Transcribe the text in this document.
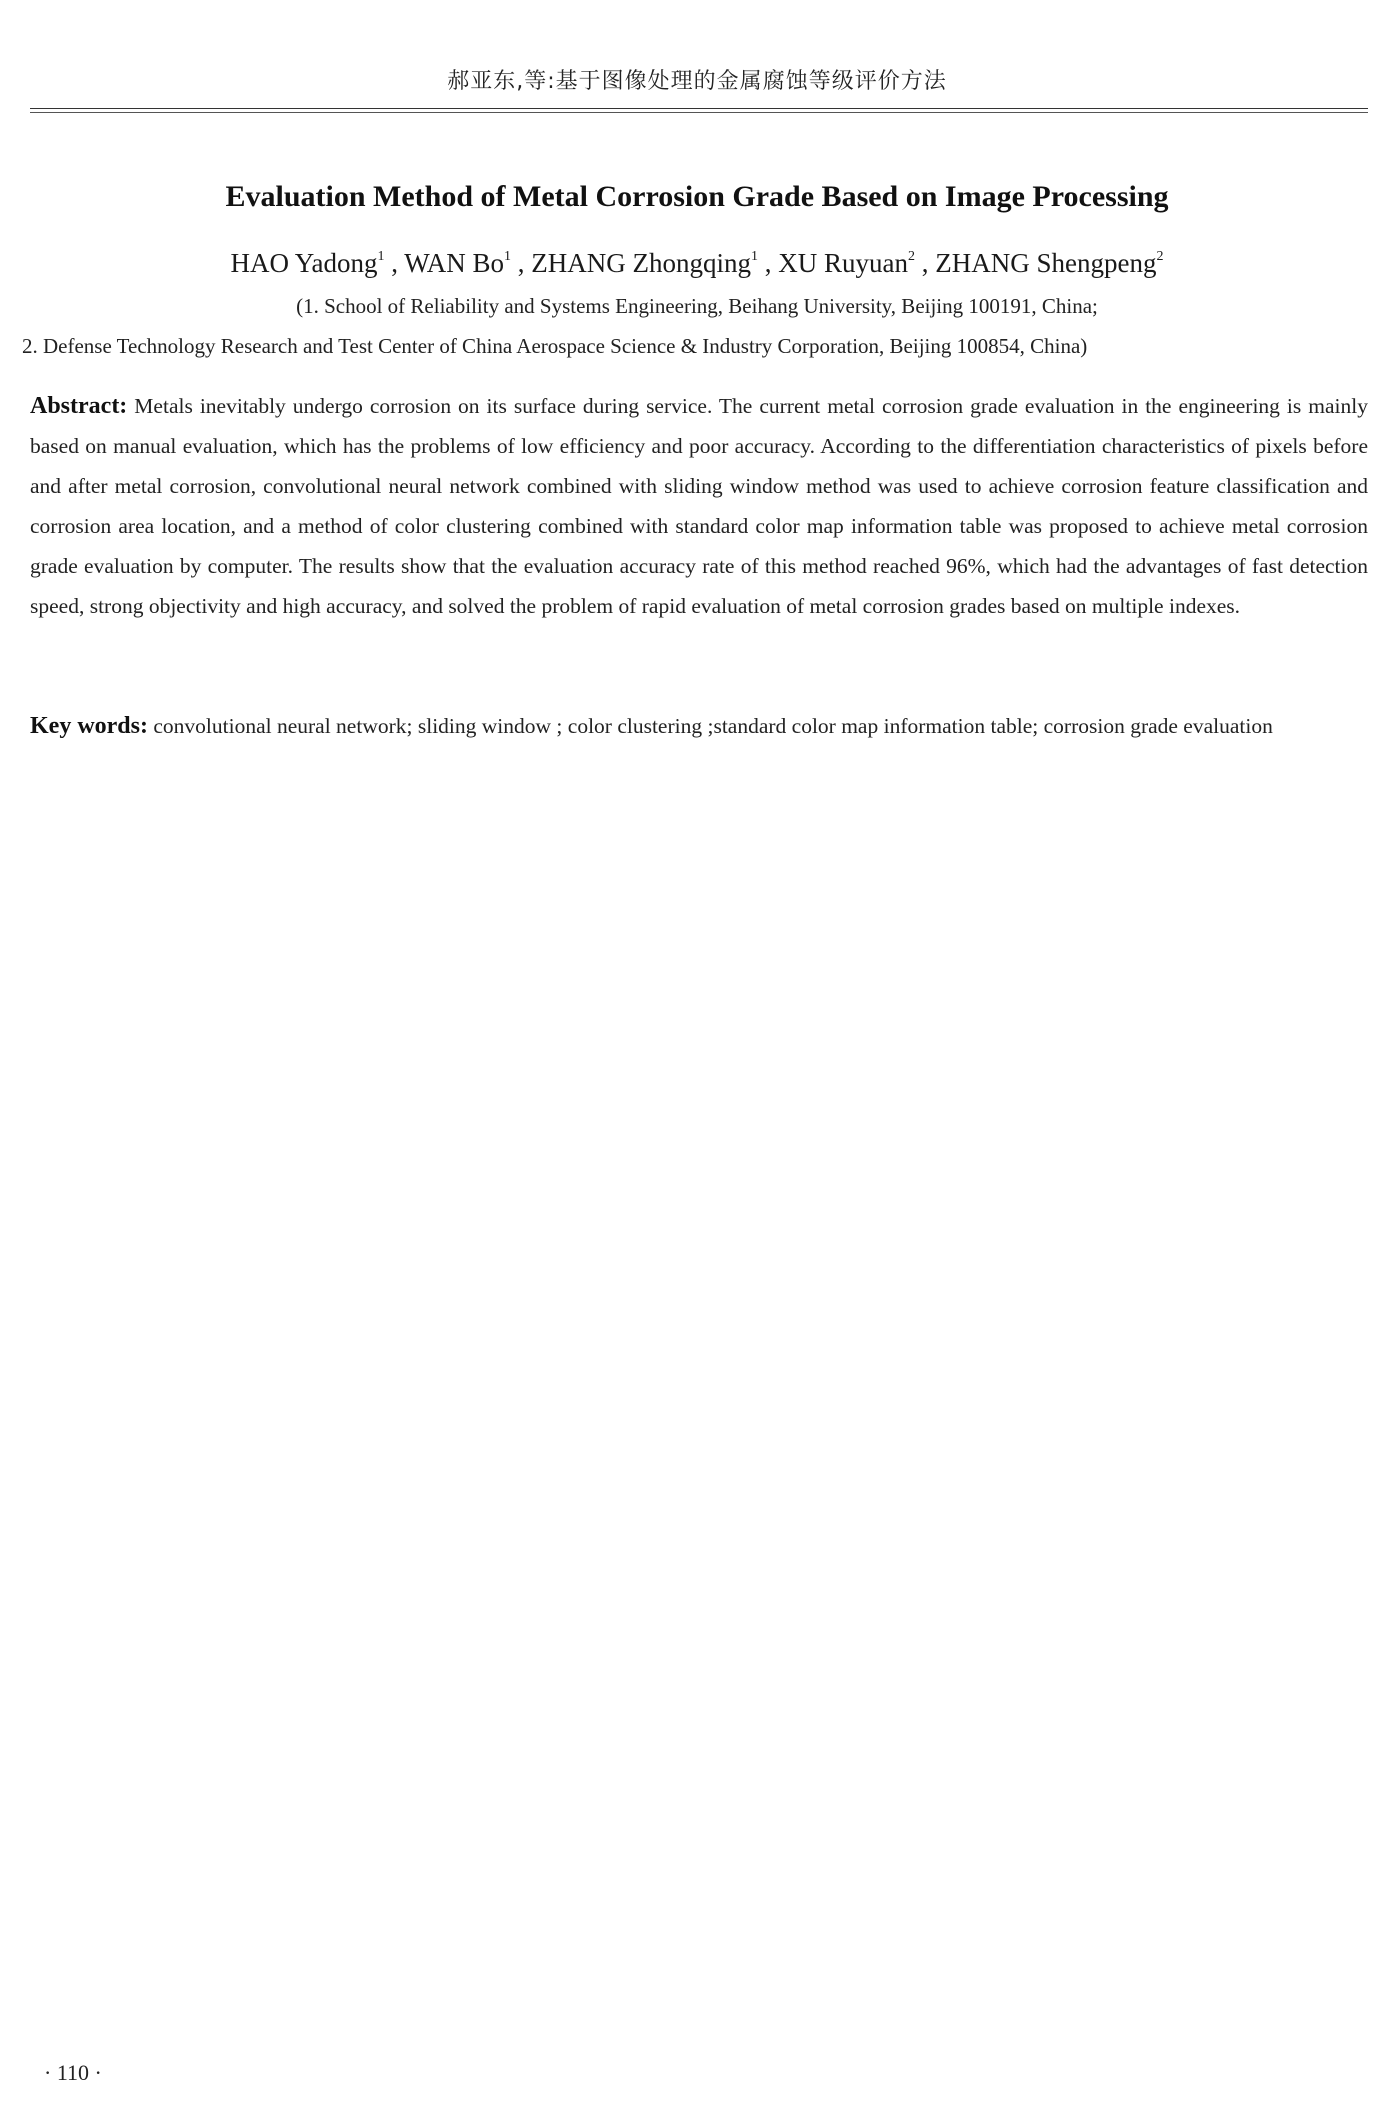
郝亚东,等:基于图像处理的金属腐蚀等级评价方法
Evaluation Method of Metal Corrosion Grade Based on Image Processing
HAO Yadong$^1$ , WAN Bo$^1$ , ZHANG Zhongqing$^1$ , XU Ruyuan$^2$ , ZHANG Shengpeng$^2$
(1. School of Reliability and Systems Engineering, Beihang University, Beijing 100191, China;
2. Defense Technology Research and Test Center of China Aerospace Science & Industry Corporation, Beijing 100854, China)
Abstract: Metals inevitably undergo corrosion on its surface during service. The current metal corrosion grade evaluation in the engineering is mainly based on manual evaluation, which has the problems of low efficiency and poor accuracy. According to the differentiation characteristics of pixels before and after metal corrosion, convolutional neural network combined with sliding window method was used to achieve corrosion feature classification and corrosion area location, and a method of color clustering combined with standard color map information table was proposed to achieve metal corrosion grade evaluation by computer. The results show that the evaluation accuracy rate of this method reached 96%, which had the advantages of fast detection speed, strong objectivity and high accuracy, and solved the problem of rapid evaluation of metal corrosion grades based on multiple indexes.
Key words: convolutional neural network; sliding window ; color clustering ;standard color map information table; corrosion grade evaluation
· 110 ·
